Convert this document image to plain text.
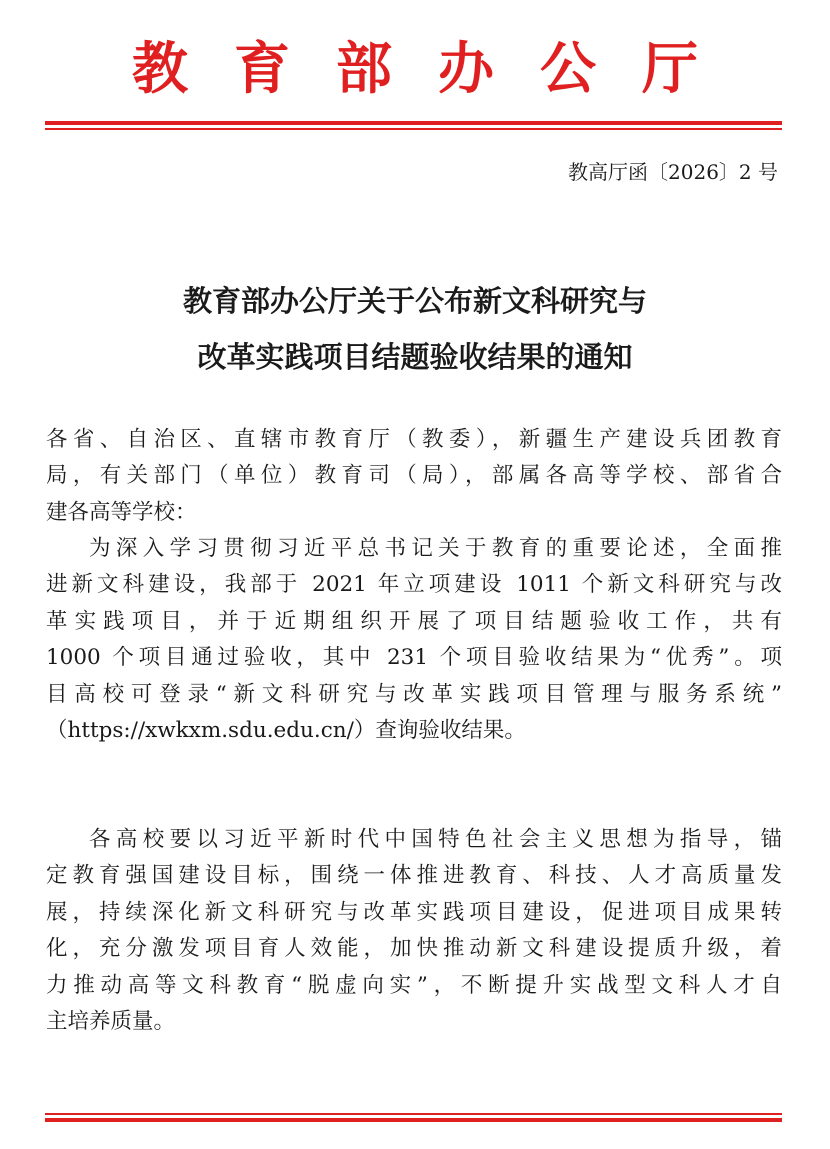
教育部办公厅
教高厅函〔2026〕2 号
教育部办公厅关于公布新文科研究与
改革实践项目结题验收结果的通知
各省、自治区、直辖市教育厅（教委），新疆生产建设兵团教育
局，有关部门（单位）教育司（局），部属各高等学校、部省合
建各高等学校：
为深入学习贯彻习近平总书记关于教育的重要论述，全面推
进新文科建设，我部于 2021 年立项建设 1011 个新文科研究与改
革实践项目，并于近期组织开展了项目结题验收工作，共有
1000 个项目通过验收，其中 231 个项目验收结果为“优秀”。项
目高校可登录“新文科研究与改革实践项目管理与服务系统”
（https://xwkxm.sdu.edu.cn/）查询验收结果。
各高校要以习近平新时代中国特色社会主义思想为指导，锚
定教育强国建设目标，围绕一体推进教育、科技、人才高质量发
展，持续深化新文科研究与改革实践项目建设，促进项目成果转
化，充分激发项目育人效能，加快推动新文科建设提质升级，着
力推动高等文科教育“脱虚向实”，不断提升实战型文科人才自
主培养质量。
